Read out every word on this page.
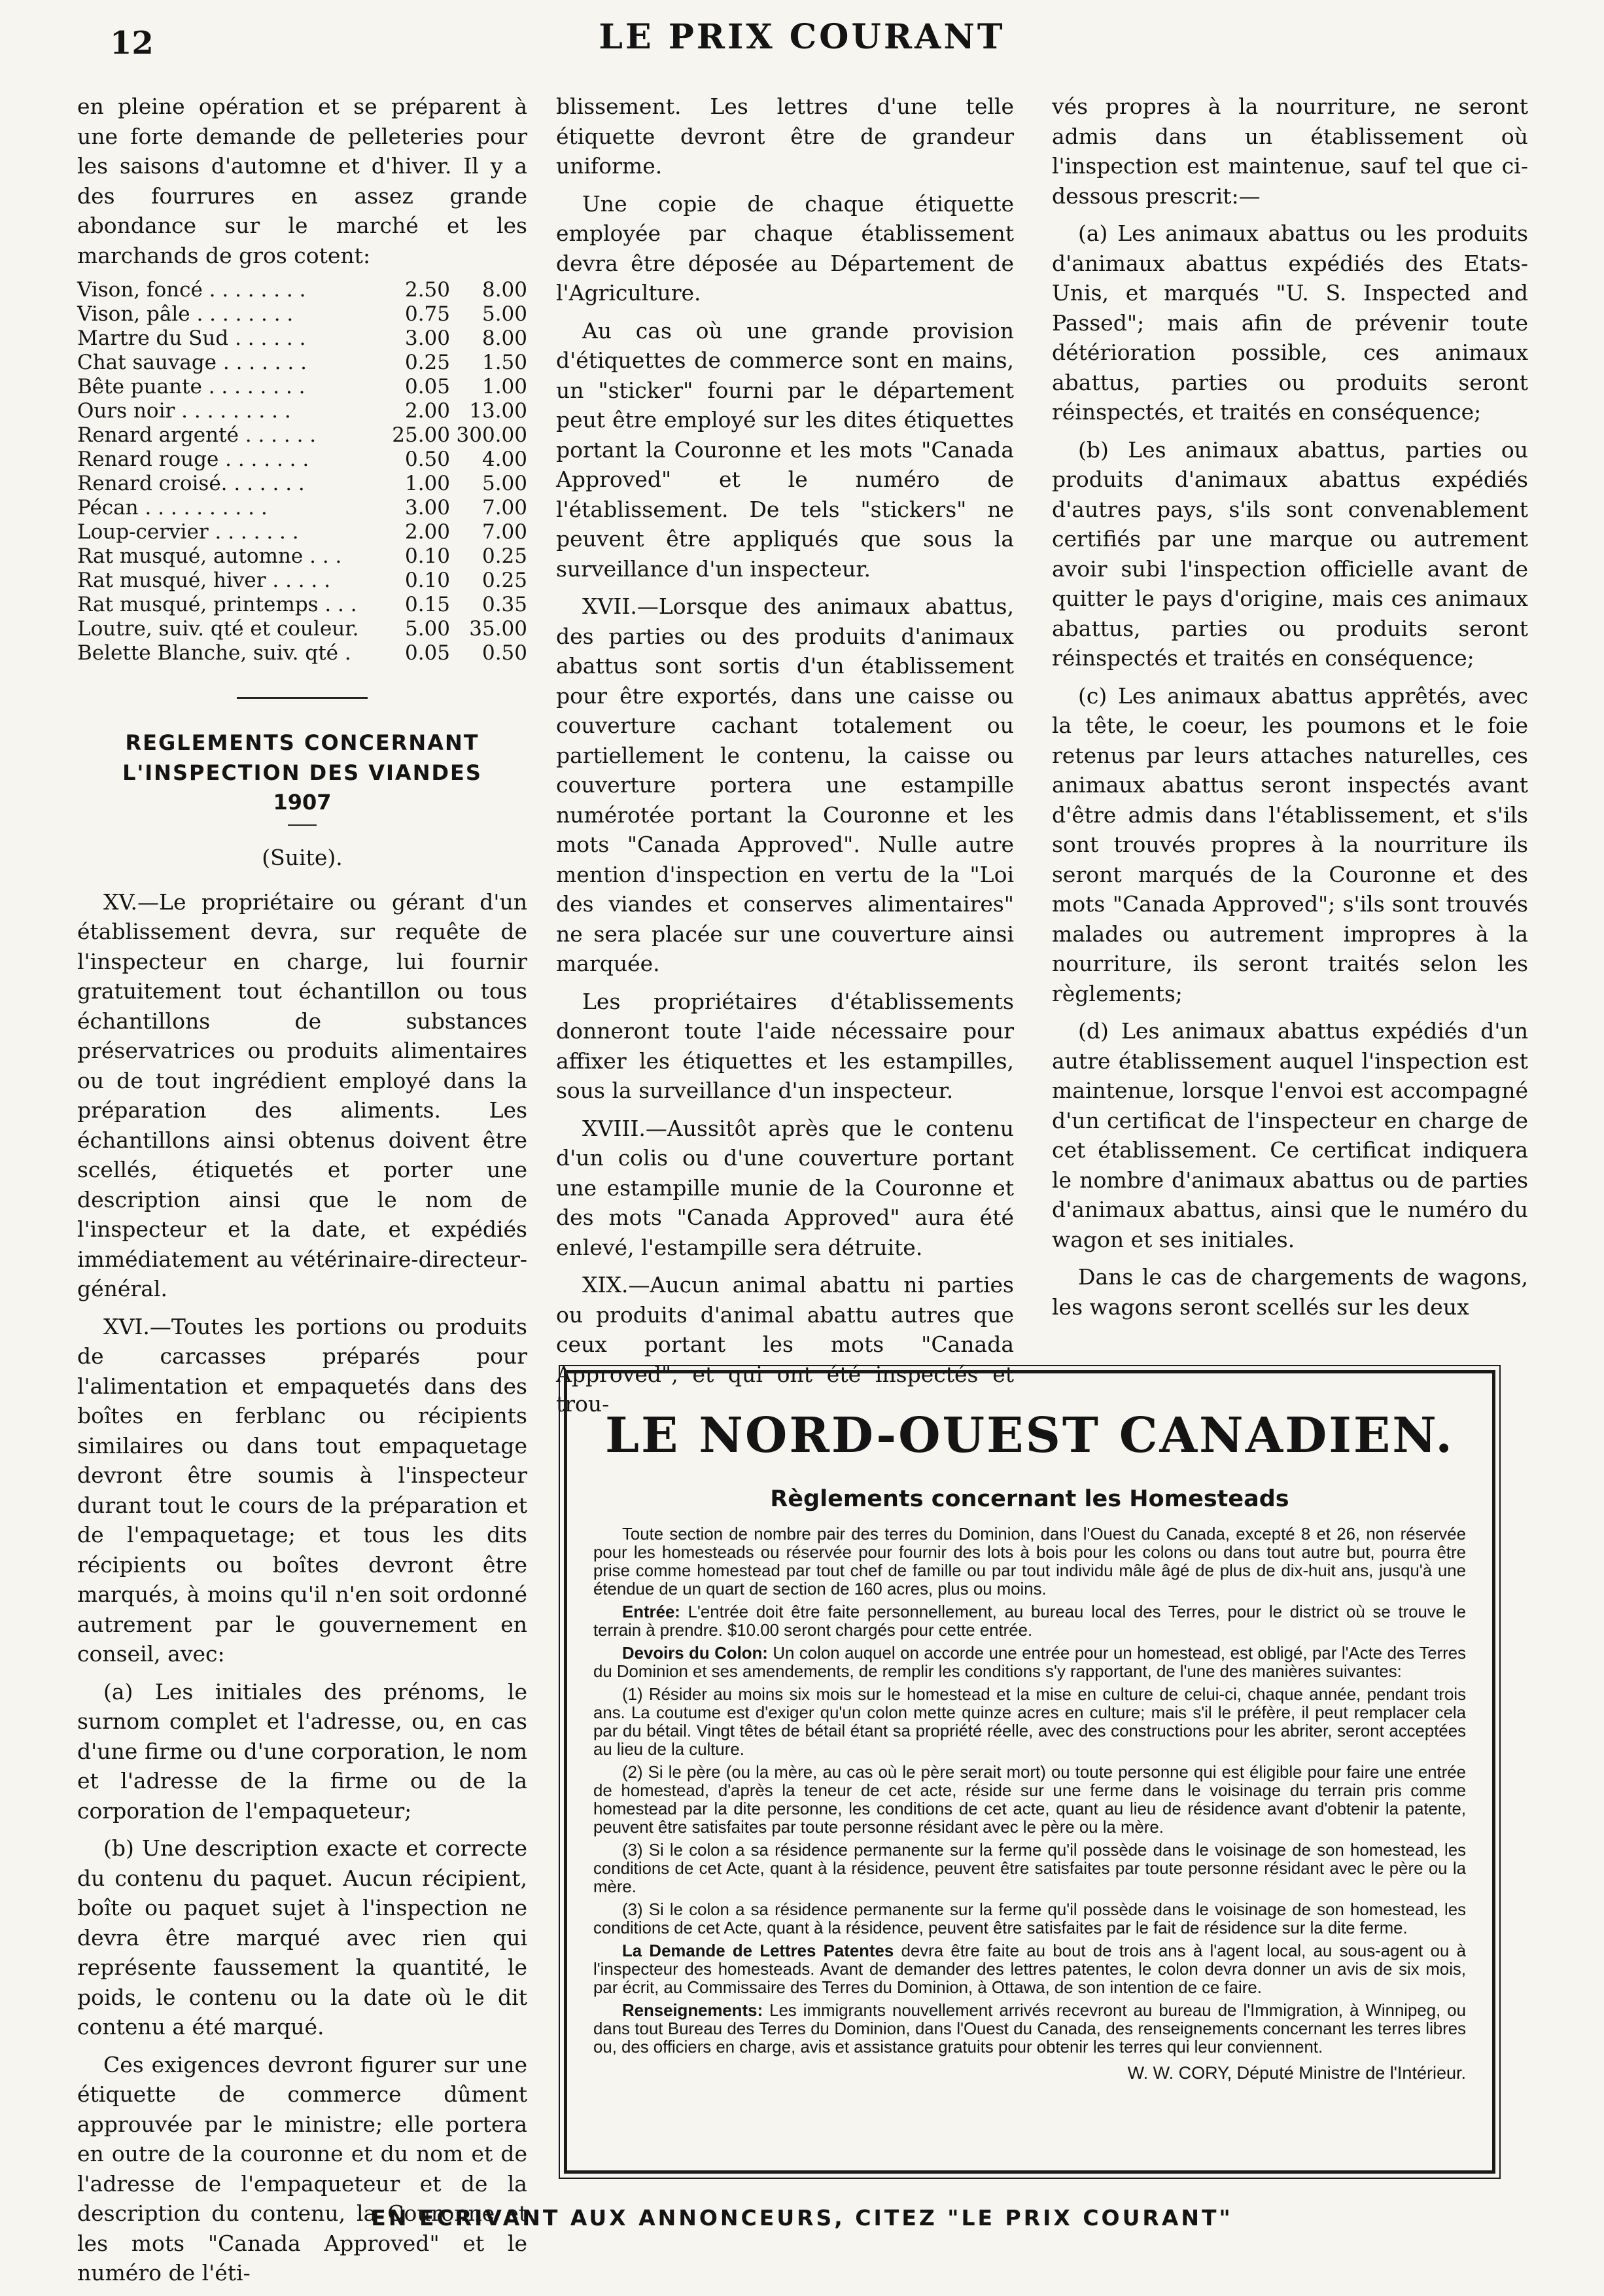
12	LE PRIX COURANT

en pleine opération et se préparent à une forte demande de pelleteries pour les saisons d'automne et d'hiver. Il y a des fourrures en assez grande abondance sur le marché et les marchands de gros cotent:

Vison, foncé . . . . . . . .	2.50	8.00
Vison, pâle . . . . . . . .	0.75	5.00
Martre du Sud . . . . . .	3.00	8.00
Chat sauvage . . . . . . .	0.25	1.50
Bête puante . . . . . . . .	0.05	1.00
Ours noir . . . . . . . . .	2.00	13.00
Renard argenté . . . . . .	25.00	300.00
Renard rouge . . . . . . .	0.50	4.00
Renard croisé. . . . . . .	1.00	5.00
Pécan . . . . . . . . . .	3.00	7.00
Loup-cervier . . . . . . .	2.00	7.00
Rat musqué, automne . . .	0.10	0.25
Rat musqué, hiver . . . . .	0.10	0.25
Rat musqué, printemps . . .	0.15	0.35
Loutre, suiv. qté et couleur.	5.00	35.00
Belette Blanche, suiv. qté .	0.05	0.50
REGLEMENTS CONCERNANT L'INSPECTION DES VIANDES
1907
(Suite).

XV.—Le propriétaire ou gérant d'un établissement devra, sur requête de l'inspecteur en charge, lui fournir gratuitement tout échantillon ou tous échantillons de substances préservatrices ou produits alimentaires ou de tout ingrédient employé dans la préparation des aliments. Les échantillons ainsi obtenus doivent être scellés, étiquetés et porter une description ainsi que le nom de l'inspecteur et la date, et expédiés immédiatement au vétérinaire-directeur-général.

XVI.—Toutes les portions ou produits de carcasses préparés pour l'alimentation et empaquetés dans des boîtes en ferblanc ou récipients similaires ou dans tout empaquetage devront être soumis à l'inspecteur durant tout le cours de la préparation et de l'empaquetage; et tous les dits récipients ou boîtes devront être marqués, à moins qu'il n'en soit ordonné autrement par le gouvernement en conseil, avec:

(a) Les initiales des prénoms, le surnom complet et l'adresse, ou, en cas d'une firme ou d'une corporation, le nom et l'adresse de la firme ou de la corporation de l'empaqueteur;

(b) Une description exacte et correcte du contenu du paquet. Aucun récipient, boîte ou paquet sujet à l'inspection ne devra être marqué avec rien qui représente faussement la quantité, le poids, le contenu ou la date où le dit contenu a été marqué.

Ces exigences devront figurer sur une étiquette de commerce dûment approuvée par le ministre; elle portera en outre de la couronne et du nom et de l'adresse de l'empaqueteur et de la description du contenu, la Couronne et les mots "Canada Approved" et le numéro de l'éti-

blissement. Les lettres d'une telle étiquette devront être de grandeur uniforme.

Une copie de chaque étiquette employée par chaque établissement devra être déposée au Département de l'Agriculture.

Au cas où une grande provision d'étiquettes de commerce sont en mains, un "sticker" fourni par le département peut être employé sur les dites étiquettes portant la Couronne et les mots "Canada Approved" et le numéro de l'établissement. De tels "stickers" ne peuvent être appliqués que sous la surveillance d'un inspecteur.

XVII.—Lorsque des animaux abattus, des parties ou des produits d'animaux abattus sont sortis d'un établissement pour être exportés, dans une caisse ou couverture cachant totalement ou partiellement le contenu, la caisse ou couverture portera une estampille numérotée portant la Couronne et les mots "Canada Approved". Nulle autre mention d'inspection en vertu de la "Loi des viandes et conserves alimentaires" ne sera placée sur une couverture ainsi marquée.

Les propriétaires d'établissements donneront toute l'aide nécessaire pour affixer les étiquettes et les estampilles, sous la surveillance d'un inspecteur.

XVIII.—Aussitôt après que le contenu d'un colis ou d'une couverture portant une estampille munie de la Couronne et des mots "Canada Approved" aura été enlevé, l'estampille sera détruite.

XIX.—Aucun animal abattu ni parties ou produits d'animal abattu autres que ceux portant les mots "Canada Approved", et qui ont été inspectés et trou-

vés propres à la nourriture, ne seront admis dans un établissement où l'inspection est maintenue, sauf tel que ci-dessous prescrit:—

(a) Les animaux abattus ou les produits d'animaux abattus expédiés des Etats-Unis, et marqués "U. S. Inspected and Passed"; mais afin de prévenir toute détérioration possible, ces animaux abattus, parties ou produits seront réinspectés, et traités en conséquence;

(b) Les animaux abattus, parties ou produits d'animaux abattus expédiés d'autres pays, s'ils sont convenablement certifiés par une marque ou autrement avoir subi l'inspection officielle avant de quitter le pays d'origine, mais ces animaux abattus, parties ou produits seront réinspectés et traités en conséquence;

(c) Les animaux abattus apprêtés, avec la tête, le coeur, les poumons et le foie retenus par leurs attaches naturelles, ces animaux abattus seront inspectés avant d'être admis dans l'établissement, et s'ils sont trouvés propres à la nourriture ils seront marqués de la Couronne et des mots "Canada Approved"; s'ils sont trouvés malades ou autrement impropres à la nourriture, ils seront traités selon les règlements;

(d) Les animaux abattus expédiés d'un autre établissement auquel l'inspection est maintenue, lorsque l'envoi est accompagné d'un certificat de l'inspecteur en charge de cet établissement. Ce certificat indiquera le nombre d'animaux abattus ou de parties d'animaux abattus, ainsi que le numéro du wagon et ses initiales.

Dans le cas de chargements de wagons, les wagons seront scellés sur les deux

LE NORD-OUEST CANADIEN.
Règlements concernant les Homesteads

Toute section de nombre pair des terres du Dominion, dans l'Ouest du Canada, excepté 8 et 26, non réservée pour les homesteads ou réservée pour fournir des lots à bois pour les colons ou dans tout autre but, pourra être prise comme homestead par tout chef de famille ou par tout individu mâle âgé de plus de dix-huit ans, jusqu'à une étendue de un quart de section de 160 acres, plus ou moins.

Entrée: L'entrée doit être faite personnellement, au bureau local des Terres, pour le district où se trouve le terrain à prendre. $10.00 seront chargés pour cette entrée.

Devoirs du Colon: Un colon auquel on accorde une entrée pour un homestead, est obligé, par l'Acte des Terres du Dominion et ses amendements, de remplir les conditions s'y rapportant, de l'une des manières suivantes:

(1) Résider au moins six mois sur le homestead et la mise en culture de celui-ci, chaque année, pendant trois ans. La coutume est d'exiger qu'un colon mette quinze acres en culture; mais s'il le préfère, il peut remplacer cela par du bétail. Vingt têtes de bétail étant sa propriété réelle, avec des constructions pour les abriter, seront acceptées au lieu de la culture.

(2) Si le père (ou la mère, au cas où le père serait mort) ou toute personne qui est éligible pour faire une entrée de homestead, d'après la teneur de cet acte, réside sur une ferme dans le voisinage du terrain pris comme homestead par la dite personne, les conditions de cet acte, quant au lieu de résidence avant d'obtenir la patente, peuvent être satisfaites par toute personne résidant avec le père ou la mère.

(3) Si le colon a sa résidence permanente sur la ferme qu'il possède dans le voisinage de son homestead, les conditions de cet Acte, quant à la résidence, peuvent être satisfaites par toute personne résidant avec le père ou la mère.

(3) Si le colon a sa résidence permanente sur la ferme qu'il possède dans le voisinage de son homestead, les conditions de cet Acte, quant à la résidence, peuvent être satisfaites par le fait de résidence sur la dite ferme.

La Demande de Lettres Patentes devra être faite au bout de trois ans à l'agent local, au sous-agent ou à l'inspecteur des homesteads. Avant de demander des lettres patentes, le colon devra donner un avis de six mois, par écrit, au Commissaire des Terres du Dominion, à Ottawa, de son intention de ce faire.

Renseignements: Les immigrants nouvellement arrivés recevront au bureau de l'Immigration, à Winnipeg, ou dans tout Bureau des Terres du Dominion, dans l'Ouest du Canada, des renseignements concernant les terres libres ou, des officiers en charge, avis et assistance gratuits pour obtenir les terres qui leur conviennent.

W. W. CORY, Député Ministre de l'Intérieur.
EN ECRIVANT AUX ANNONCEURS, CITEZ "LE PRIX COURANT"
